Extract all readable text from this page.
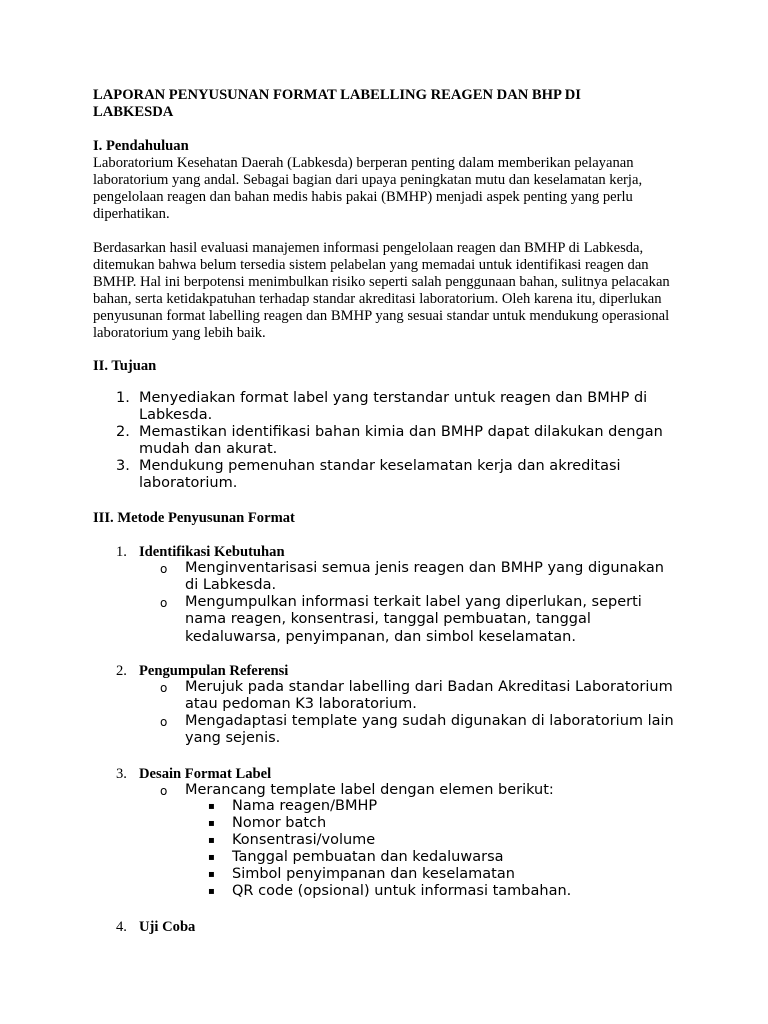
LAPORAN PENYUSUNAN FORMAT LABELLING REAGEN DAN BHP DI LABKESDA
I. Pendahuluan

Laboratorium Kesehatan Daerah (Labkesda) berperan penting dalam memberikan pelayanan laboratorium yang andal. Sebagai bagian dari upaya peningkatan mutu dan keselamatan kerja, pengelolaan reagen dan bahan medis habis pakai (BMHP) menjadi aspek penting yang perlu diperhatikan.

Berdasarkan hasil evaluasi manajemen informasi pengelolaan reagen dan BMHP di Labkesda, ditemukan bahwa belum tersedia sistem pelabelan yang memadai untuk identifikasi reagen dan BMHP. Hal ini berpotensi menimbulkan risiko seperti salah penggunaan bahan, sulitnya pelacakan bahan, serta ketidakpatuhan terhadap standar akreditasi laboratorium. Oleh karena itu, diperlukan penyusunan format labelling reagen dan BMHP yang sesuai standar untuk mendukung operasional laboratorium yang lebih baik.

II. Tujuan
1. Menyediakan format label yang terstandar untuk reagen dan BMHP di Labkesda.
2. Memastikan identifikasi bahan kimia dan BMHP dapat dilakukan dengan mudah dan akurat.
3. Mendukung pemenuhan standar keselamatan kerja dan akreditasi laboratorium.
III. Metode Penyusunan Format
1. Identifikasi Kebutuhan
o Menginventarisasi semua jenis reagen dan BMHP yang digunakan di Labkesda.
o Mengumpulkan informasi terkait label yang diperlukan, seperti nama reagen, konsentrasi, tanggal pembuatan, tanggal kedaluwarsa, penyimpanan, dan simbol keselamatan.
2. Pengumpulan Referensi
o Merujuk pada standar labelling dari Badan Akreditasi Laboratorium atau pedoman K3 laboratorium.
o Mengadaptasi template yang sudah digunakan di laboratorium lain yang sejenis.
3. Desain Format Label
o Merancang template label dengan elemen berikut:
▪ Nama reagen/BMHP
▪ Nomor batch
▪ Konsentrasi/volume
▪ Tanggal pembuatan dan kedaluwarsa
▪ Simbol penyimpanan dan keselamatan
▪ QR code (opsional) untuk informasi tambahan.
4. Uji Coba
